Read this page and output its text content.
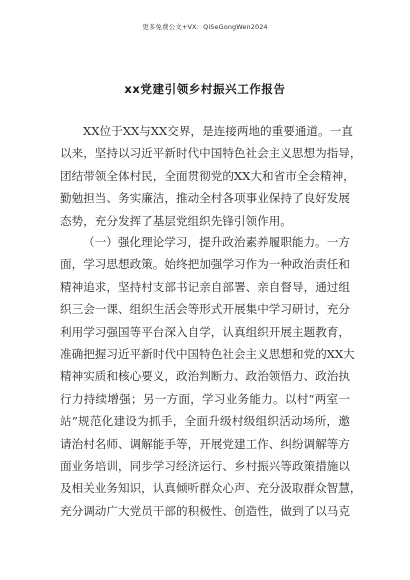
更多免费公文+VX：QiSeGongWen2024
xx党建引领乡村振兴工作报告
XX位于XX与XX交界，是连接两地的重要通道。一直
以来，坚持以习近平新时代中国特色社会主义思想为指导，
团结带领全体村民，全面贯彻党的XX大和省市全会精神，
勤勉担当、务实廉洁，推动全村各项事业保持了良好发展
态势，充分发挥了基层党组织先锋引领作用。
（一）强化理论学习，提升政治素养履职能力。一方
面，学习思想政策。始终把加强学习作为一种政治责任和
精神追求，坚持村支部书记亲自部署、亲自督导，通过组
织三会一课、组织生活会等形式开展集中学习研讨，充分
利用学习强国等平台深入自学，认真组织开展主题教育，
准确把握习近平新时代中国特色社会主义思想和党的XX大
精神实质和核心要义，政治判断力、政治领悟力、政治执
行力持续增强；另一方面，学习业务能力。以村“两室一
站”规范化建设为抓手，全面升级村级组织活动场所，邀
请治村名师、调解能手等，开展党建工作、纠纷调解等方
面业务培训，同步学习经济运行、乡村振兴等政策措施以
及相关业务知识，认真倾听群众心声、充分汲取群众智慧，
充分调动广大党员干部的积极性、创造性，做到了以马克
